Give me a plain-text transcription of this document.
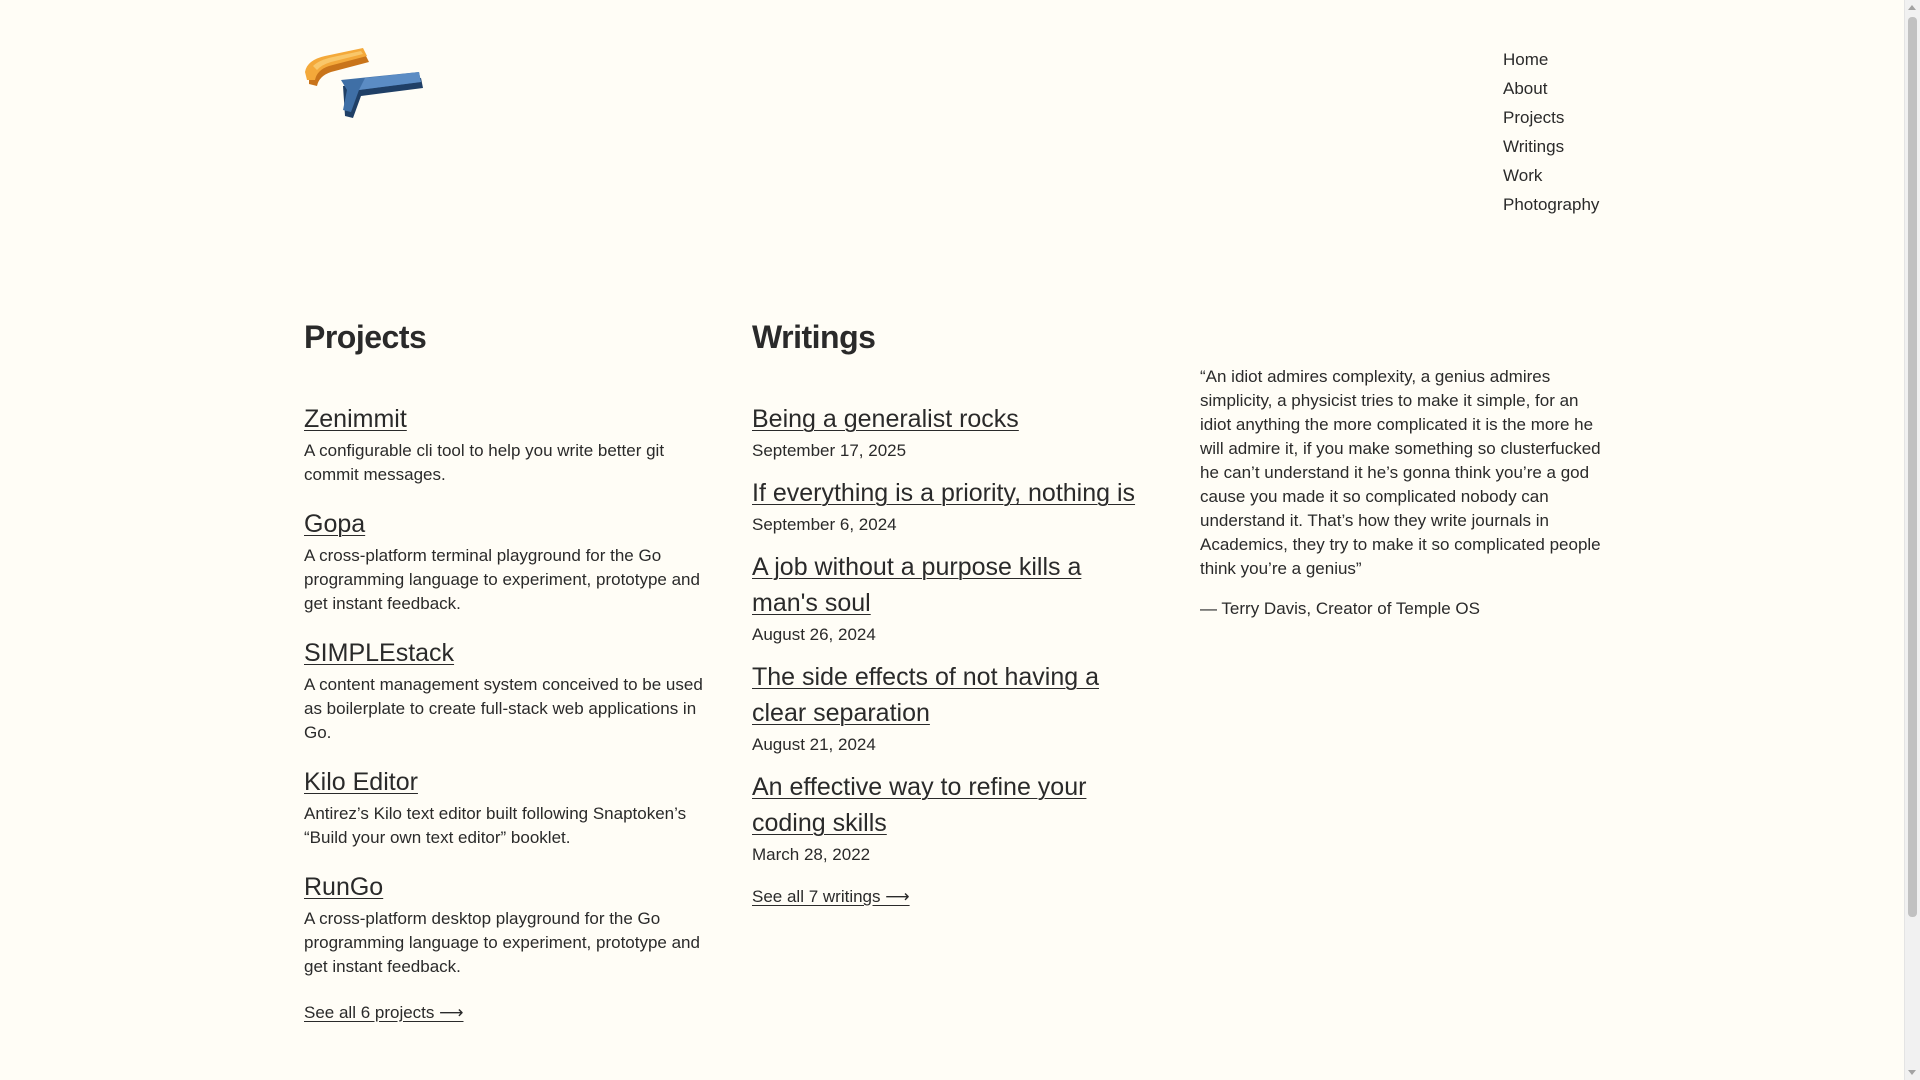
Home
About
Projects
Writings
Work
Photography
Projects
Zenimmit

A configurable cli tool to help you write better git commit messages.

Gopa

A cross-platform terminal playground for the Go programming language to experiment, prototype and get instant feedback.

SIMPLEstack

A content management system conceived to be used as boilerplate to create full-stack web applications in Go.

Kilo Editor

Antirez’s Kilo text editor built following Snaptoken’s “Build your own text editor” booklet.

RunGo

A cross-platform desktop playground for the Go programming language to experiment, prototype and get instant feedback.

See all 6 projects ⟶
Writings
Being a generalist rocks

September 17, 2025

If everything is a priority, nothing is

September 6, 2024

A job without a purpose kills a man's soul

August 26, 2024

The side effects of not having a clear separation

August 21, 2024

An effective way to refine your coding skills

March 28, 2022

See all 7 writings ⟶

“An idiot admires complexity, a genius admires simplicity, a physicist tries to make it simple, for an idiot anything the more complicated it is the more he will admire it, if you make something so clusterfucked he can’t understand it he’s gonna think you’re a god cause you made it so complicated nobody can understand it. That’s how they write journals in Academics, they try to make it so complicated people think you’re a genius”

— Terry Davis, Creator of Temple OS
